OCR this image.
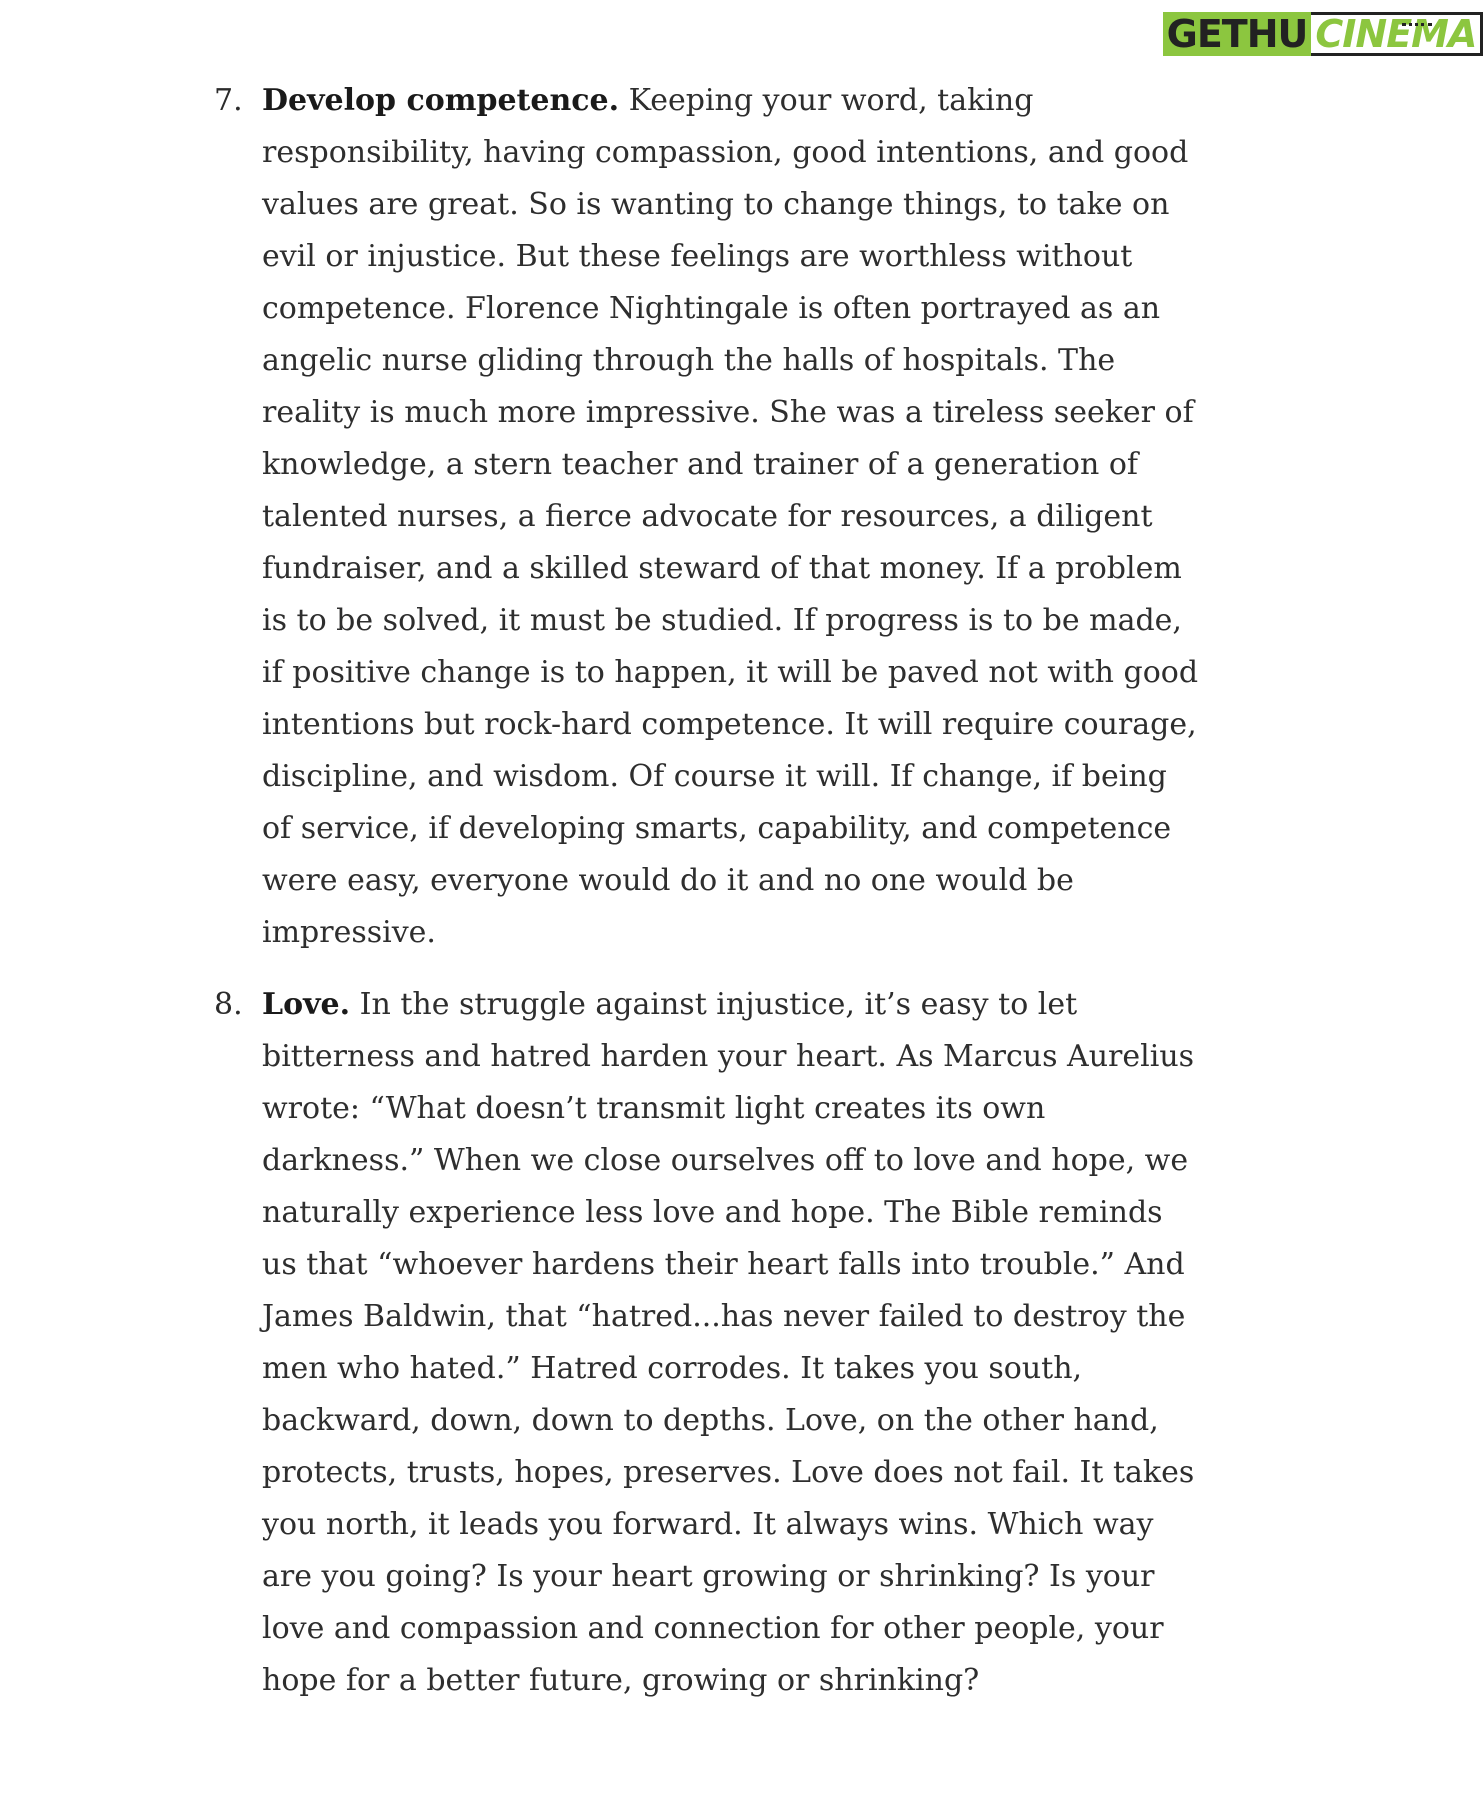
GETHU CINEMA
7. Develop competence. Keeping your word, taking responsibility, having compassion, good intentions, and good values are great. So is wanting to change things, to take on evil or injustice. But these feelings are worthless without competence. Florence Nightingale is often portrayed as an angelic nurse gliding through the halls of hospitals. The reality is much more impressive. She was a tireless seeker of knowledge, a stern teacher and trainer of a generation of talented nurses, a fierce advocate for resources, a diligent fundraiser, and a skilled steward of that money. If a problem is to be solved, it must be studied. If progress is to be made, if positive change is to happen, it will be paved not with good intentions but rock-hard competence. It will require courage, discipline, and wisdom. Of course it will. If change, if being of service, if developing smarts, capability, and competence were easy, everyone would do it and no one would be impressive.
8. Love. In the struggle against injustice, it’s easy to let bitterness and hatred harden your heart. As Marcus Aurelius wrote: “What doesn’t transmit light creates its own darkness.” When we close ourselves off to love and hope, we naturally experience less love and hope. The Bible reminds us that “whoever hardens their heart falls into trouble.” And James Baldwin, that “hatred...has never failed to destroy the men who hated.” Hatred corrodes. It takes you south, backward, down, down to depths. Love, on the other hand, protects, trusts, hopes, preserves. Love does not fail. It takes you north, it leads you forward. It always wins. Which way are you going? Is your heart growing or shrinking? Is your love and compassion and connection for other people, your hope for a better future, growing or shrinking?
